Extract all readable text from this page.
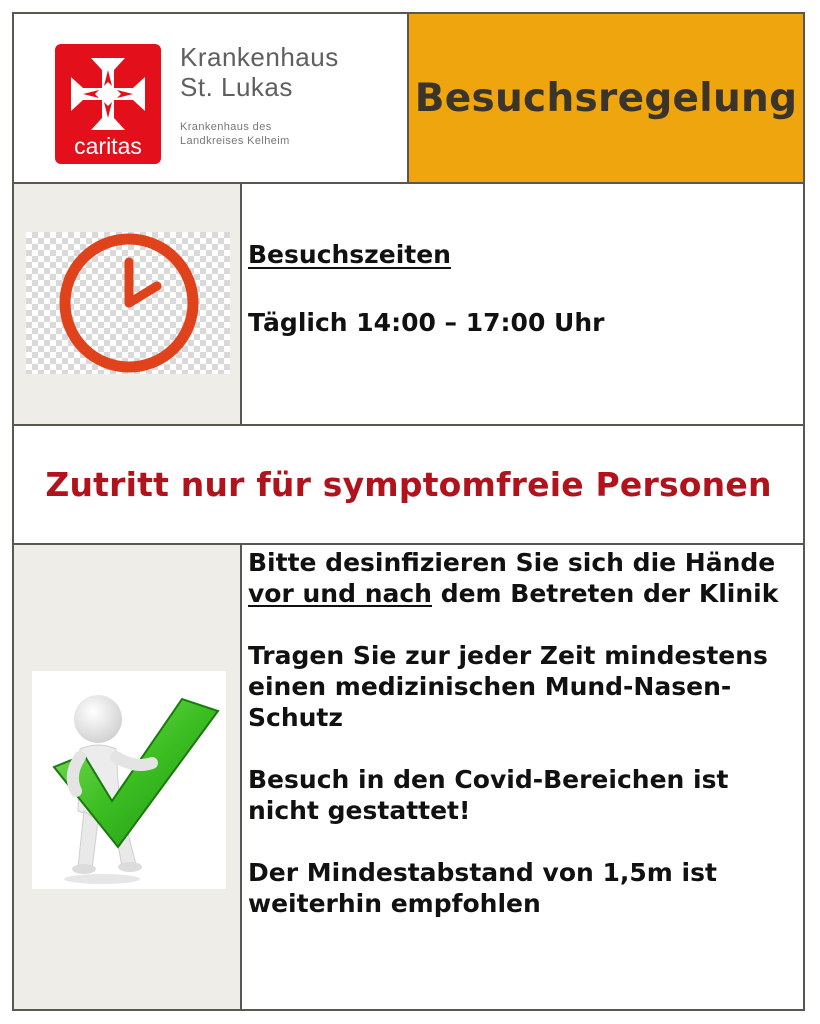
caritas
Krankenhaus
St. Lukas
Krankenhaus des
Landkreises Kelheim
Besuchsregelung
Besuchszeiten
Täglich 14:00 – 17:00 Uhr
Zutritt nur für symptomfreie Personen

Bitte desinfizieren Sie sich die Hände vor und nach dem Betreten der Klinik

Tragen Sie zur jeder Zeit mindestens einen medizinischen Mund-Nasen-Schutz

Besuch in den Covid-Bereichen ist nicht gestattet!

Der Mindestabstand von 1,5m ist weiterhin empfohlen
